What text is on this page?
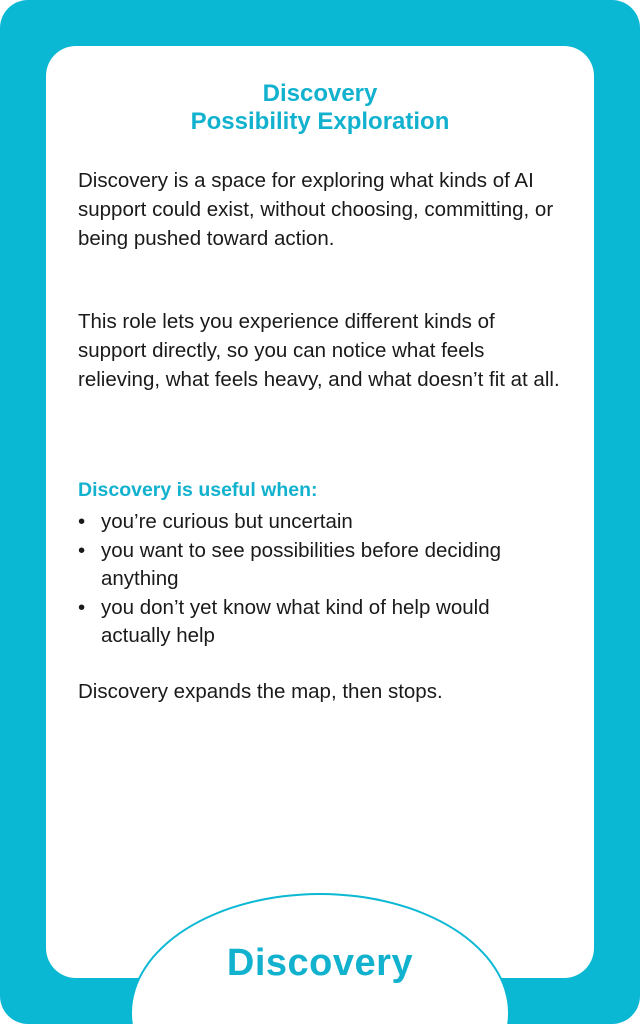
Discovery
Possibility Exploration

Discovery is a space for exploring what kinds of AI support could exist, without choosing, committing, or being pushed toward action.

This role lets you experience different kinds of support directly, so you can notice what feels relieving, what feels heavy, and what doesn’t fit at all.

Discovery is useful when:
• you’re curious but uncertain
• you want to see possibilities before deciding anything
• you don’t yet know what kind of help would actually help

Discovery expands the map, then stops.

Discovery
